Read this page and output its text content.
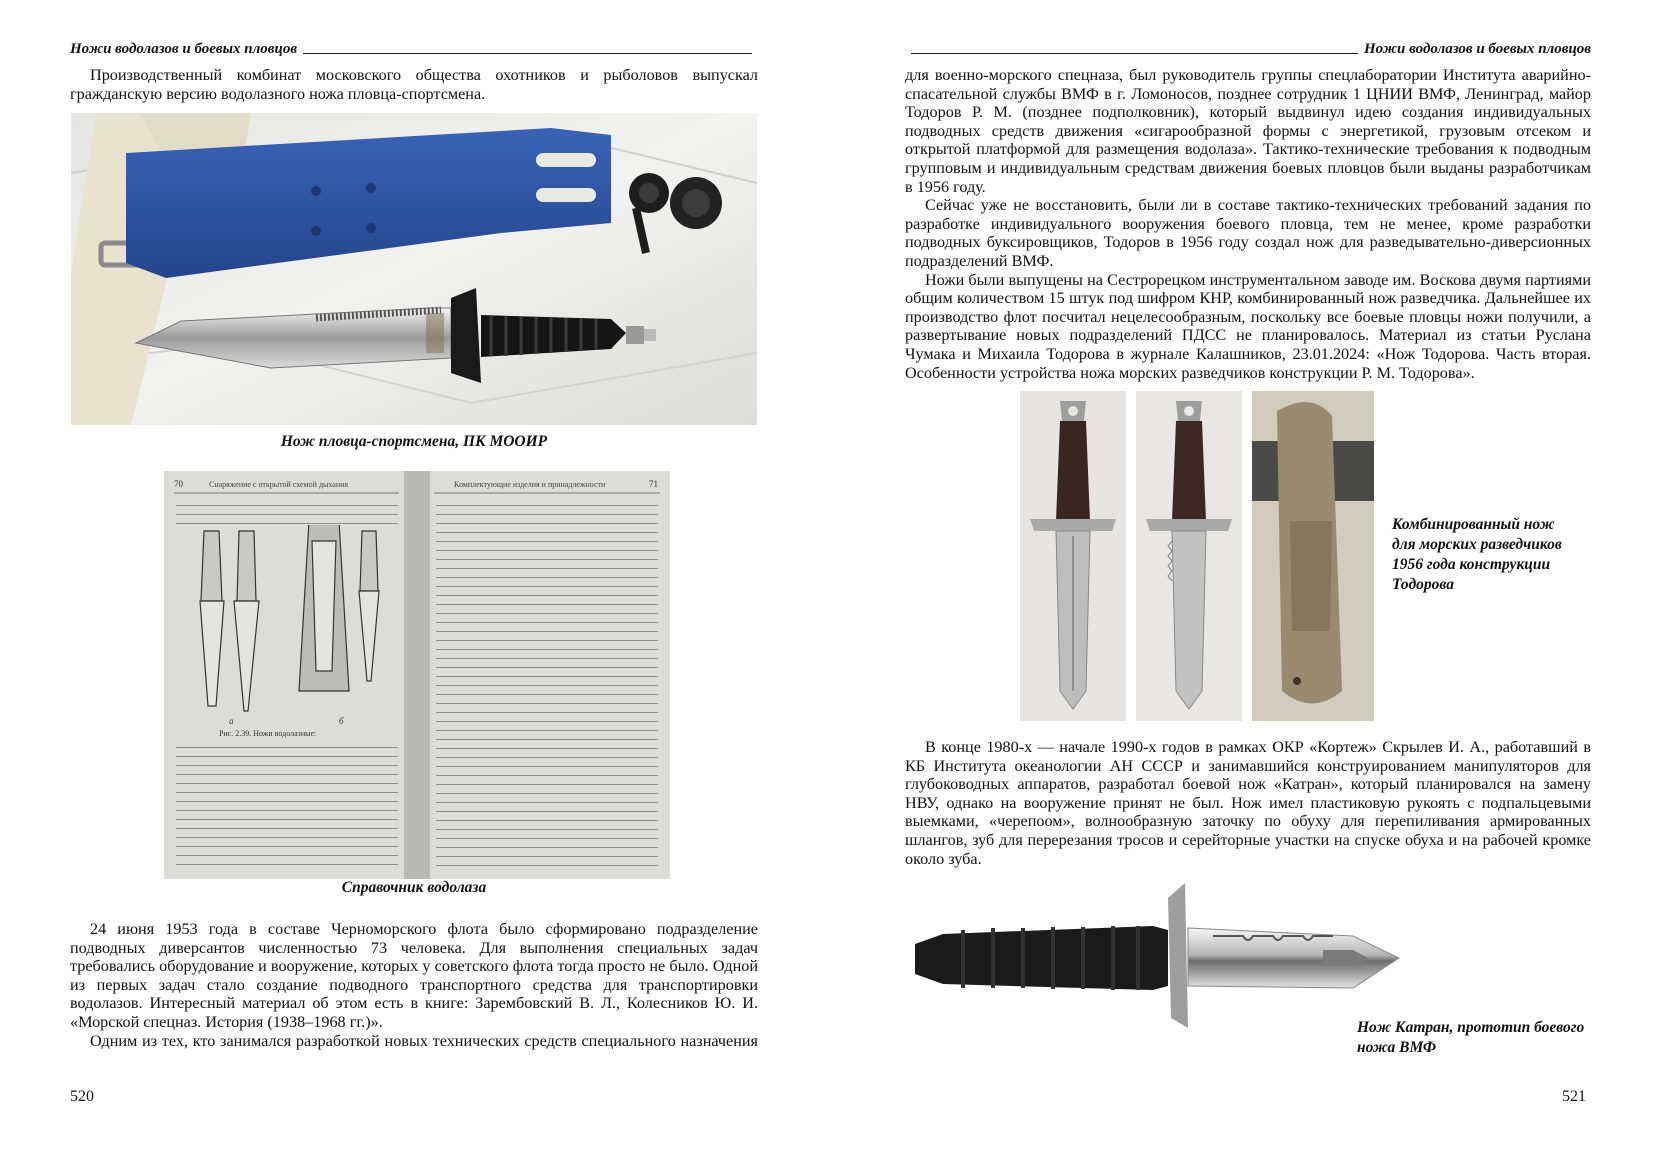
Ножи водолазов и боевых пловцов

Производственный комбинат московского общества охотников и рыболовов выпускал гражданскую версию водолазного ножа пловца-спортсмена.

Нож пловца-спортсмена, ПК МООИР
70	Снаряжение с открытой схемой дыхания	Комплектующие изделия и принадлежности	71
а	б
Рис. 2.39. Ножи водолазные:
Справочник водолаза

24 июня 1953 года в составе Черноморского флота было сформировано подразделение подводных диверсантов численностью 73 человека. Для выполнения специальных задач требовались оборудование и вооружение, которых у советского флота тогда просто не было. Одной из первых задач стало создание подводного транспортного средства для транспортировки водолазов. Интересный материал об этом есть в книге: Зарембовский В. Л., Колесников Ю. И. «Морской спецназ. История (1938–1968 гг.)».

Одним из тех, кто занимался разработкой новых технических средств специального назначения

520
Ножи водолазов и боевых пловцов

для военно-морского спецназа, был руководитель группы спецлаборатории Института аварийно-спасательной службы ВМФ в г. Ломоносов, позднее сотрудник 1 ЦНИИ ВМФ, Ленинград, майор Тодоров Р. М. (позднее подполковник), который выдвинул идею создания индивидуальных подводных средств движения «сигарообразной формы с энергетикой, грузовым отсеком и открытой платформой для размещения водолаза». Тактико-технические требования к подводным групповым и индивидуальным средствам движения боевых пловцов были выданы разработчикам в 1956 году.

Сейчас уже не восстановить, были ли в составе тактико-технических требований задания по разработке индивидуального вооружения боевого пловца, тем не менее, кроме разработки подводных буксировщиков, Тодоров в 1956 году создал нож для разведывательно-диверсионных подразделений ВМФ.

Ножи были выпущены на Сестрорецком инструментальном заводе им. Воскова двумя партиями общим количеством 15 штук под шифром КНР, комбинированный нож разведчика. Дальнейшее их производство флот посчитал нецелесообразным, поскольку все боевые пловцы ножи получили, а развертывание новых подразделений ПДСС не планировалось. Материал из статьи Руслана Чумака и Михаила Тодорова в журнале Калашников, 23.01.2024: «Нож Тодорова. Часть вторая. Особенности устройства ножа морских разведчиков конструкции Р. М. Тодорова».

Комбинированный нож для морских разведчиков 1956 года конструкции Тодорова

В конце 1980-х — начале 1990-х годов в рамках ОКР «Кортеж» Скрылев И. А., работавший в КБ Института океанологии АН СССР и занимавшийся конструированием манипуляторов для глубоководных аппаратов, разработал боевой нож «Катран», который планировался на замену НВУ, однако на вооружение принят не был. Нож имел пластиковую рукоять с подпальцевыми выемками, «черепоом», волнообразную заточку по обуху для перепиливания армированных шлангов, зуб для перерезания тросов и серейторные участки на спуске обуха и на рабочей кромке около зуба.

Нож Катран, прототип боевого ножа ВМФ
521
